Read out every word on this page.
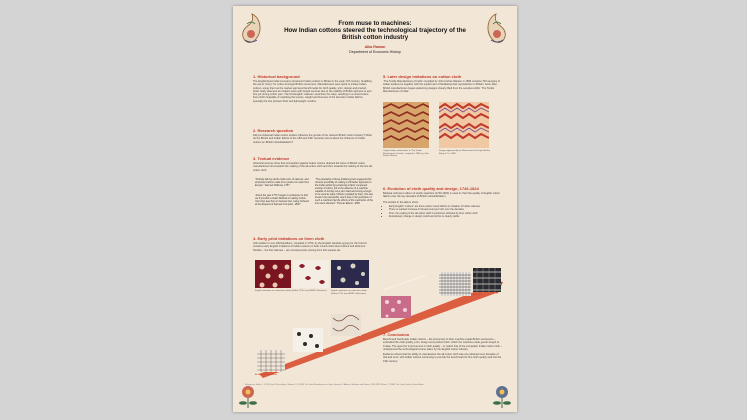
From muse to machines:
How Indian cottons steered the technological trajectory of the
British cotton industry
Alka Raman
Department of Economic History
1. Historical background
The English East India Company introduced Indian cottons in Britain in the early 17th century, heralding the era of “fancy” for cotton amongst British consumers. Manufacturers were quick to imitate Indian cottons, using them as the market approved benchmarks for cloth quality, print, design and product finish. Early attempts at imitation were with limited success due to the inability of British spinners to spin fine yet strong cotton yarn. The first English ‘calicoes’ used linen for warp, resulting in a mixed cotton-linen cloth incapable of matching the texture, weight and fineness of the all-cotton Indian fabrics, specially the fine printed chintz and lightweight muslins.
2. Research question
Did pre-industrial Indian cotton textiles influence the growth of the nascent British cotton industry? What do the British and Indian fabrics of the 18th and 19th centuries tell us about the influence of Indian cottons on British industrialisation?
3. Textual evidence
Historical sources show that competition against Indian cottons directed the focus of British cotton manufacturers first towards the making of the all-cotton cloth and then towards the making of the fine all-cotton cloth.
“Nobody will buy all the India sorts of calicoes, and all printed cottons made from goods not made from Europe.” Samuel Oldknow, 1787
“About the year 1773 I began to endeavour to find out if possible a better Method of making Cotton Yarn than was then in General Use, being Ordered at the Request of Samuel Crompton, 1802”
“The popularity of these [Indian] goods suggested the obvious possibility of making a still better approach to the Indian article by producing a fabric composed entirely of cotton; but in the absence of a machine capable of turning out a yarn hard and strong enough to be used as warp, hitherto supplied by linen, this was found to be impossible, and it was to the perfection of such a machine that the efforts of the machinists of the time were directed.” Thomas Ellison, 1868
4. Early print imitations on linen cloth
John Holker’s Livre D’Echantillons, compiled in 1750, by the English Jacobite spying for the French, contains early English imitations of Indian cottons on both mixed cotton-linen fabrics and all-linens. Studies – the first calicoes – are conspicuously missing from this sample set.
English imitations on cotton-linen fabric (Holker 1750, from BDNF Collections) English imitations on cotton-linen fabric (Holker 1750, from BDNF Collections)
5. Later design imitations on cotton cloth
“The Textile Manufactures of India” compiled by John Forbes Watson in 1866 contains 700 samples of Indian textiles put together with the explicit aim of facilitating their reproduction in Britain. Soon after, British manufacturers began patterning designs closely lifted from the samples within “The Textile Manufactures of India”.
Original Indian cotton fabric in ‘The Textile Manufactures of India’, compiled in 1866, by John Forbes Watson
Design registered by the Manchester firm Hugh Hornby Birley & Co., 1866
6. Evolution of cloth quality and design, 1746-1824
Barbara Johnson’s album of textile swatches (1746-1823) is used to chart the quality of English cotton fabrics over the key decades of British industrialization.
The textiles in the album show:
• Early English “cottons” are linen-cotton mixed fabrics in imitation of Indian calicoes
• There is marked increase in thread count per inch over the decades
• First, the making of the all cotton cloth is perfected, followed by finer cotton cloth
• Evolutionary change in design motifs and prints is clearly visible
Evolution over time & technological progress
All linen-cotton mixture
All cotton
7. Conclusion
Benchmark handmade Indian cottons – the precursors to their machine-made British successors – embodied the cloth quality, print, design and product finish, which the machine-made goods sought to imitate. The quest for improvement in cloth quality – to match that of the competitor Indian cotton cloth – underpinned the technological course taken by the English cotton industry.
Evidence shows that the ability to manufacture the all-cotton cloth was one obtained over decades of trial and error, with Indian cottons continuing to provide the benchmark for fine cloth quality well into the 19th century.
References: Holker, J. (1750) Livre D’Echantillons; Watson, J.F. (1866) The Textile Manufactures of India; Johnson, B. Album of Fashions and Fabrics, 1746-1823; Ellison, T. (1868) The Cotton Trade of Great Britain.
